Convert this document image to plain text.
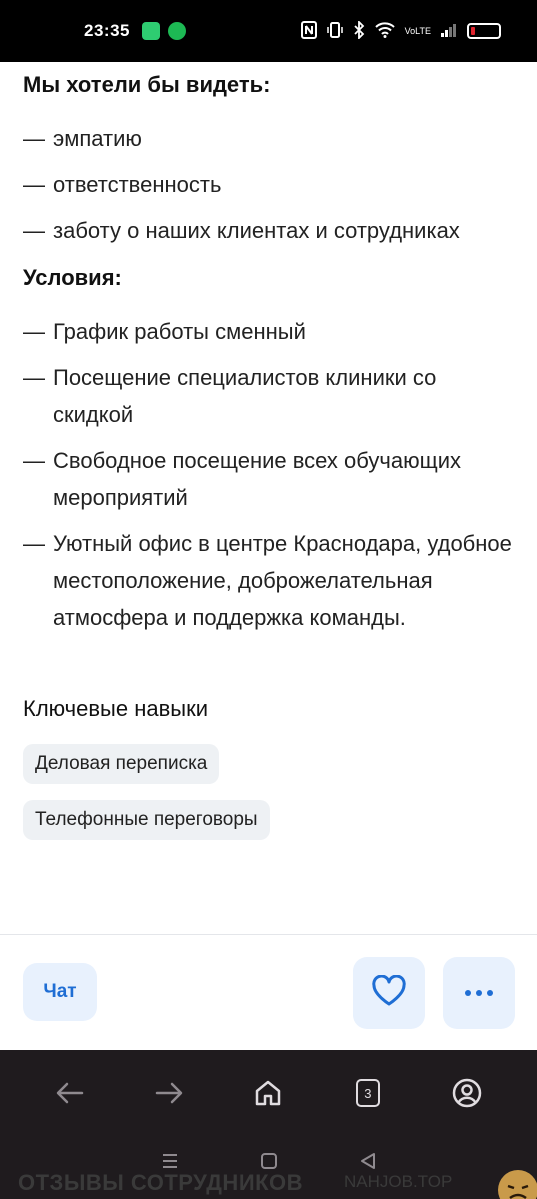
23:35	VoLTE
Мы хотели бы видеть:
— эмпатию
— ответственность
— заботу о наших клиентах и сотрудниках
Условия:
— График работы сменный
— Посещение специалистов клиники со скидкой
— Свободное посещение всех обучающих мероприятий
— Уютный офис в центре Краснодара, удобное местоположение, доброжелательная атмосфера и поддержка команды.
Ключевые навыки
Деловая переписка
Телефонные переговоры
Чат
3
ОТЗЫВЫ СОТРУДНИКОВ NAHJOB.TOP
